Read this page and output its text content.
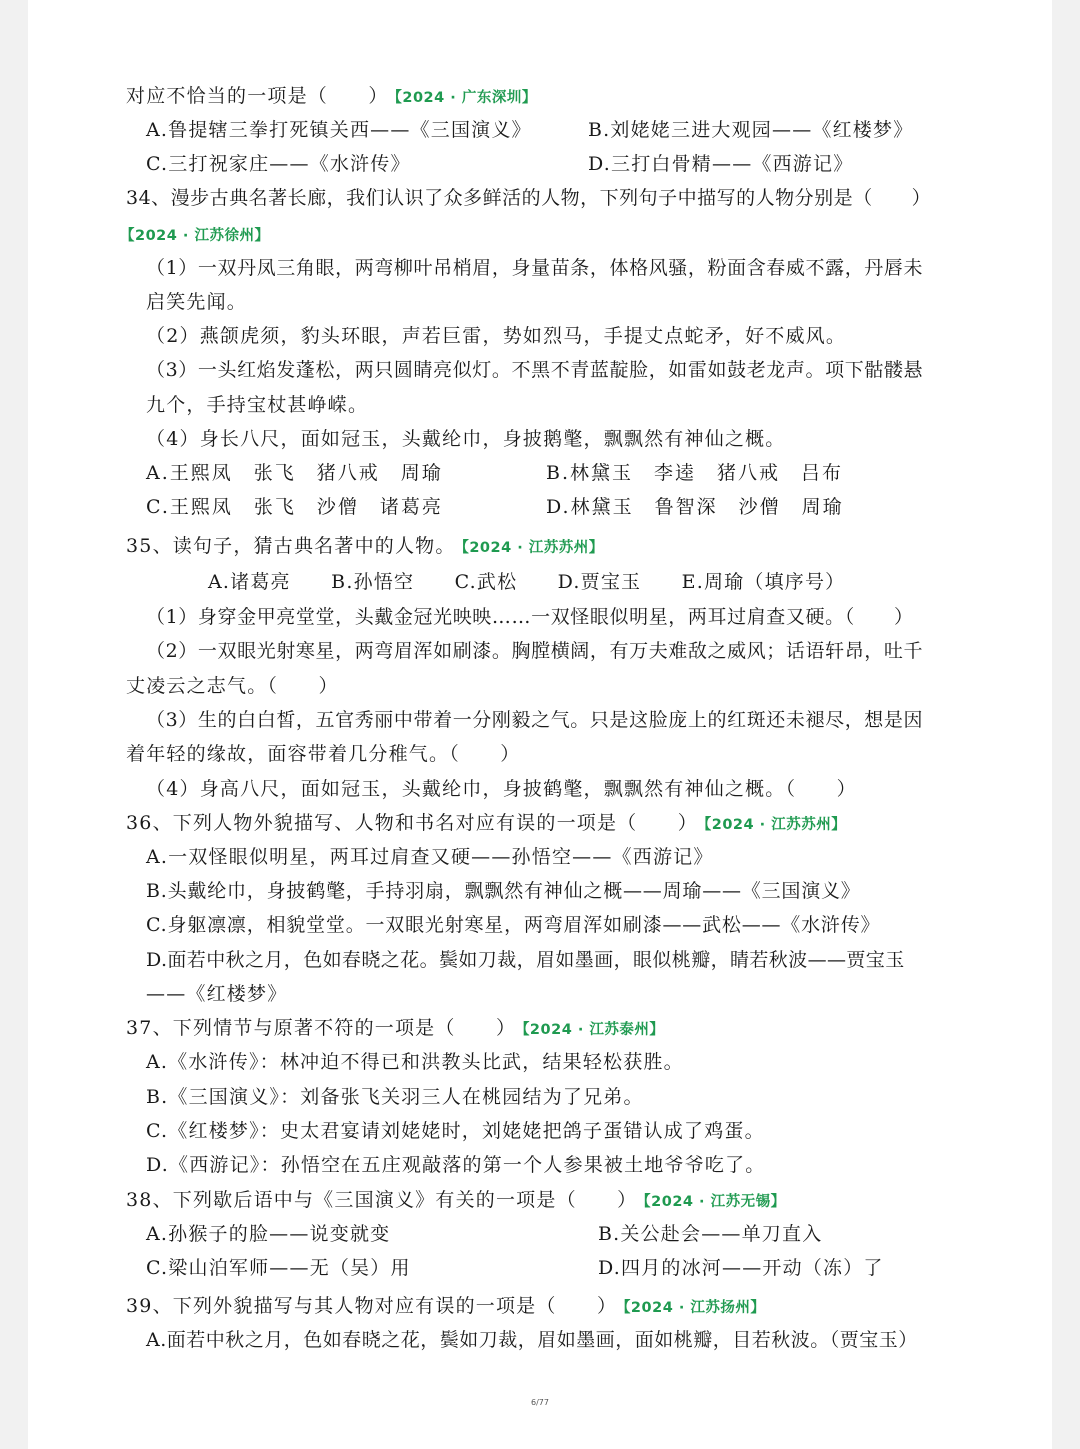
对应不恰当的一项是（　　） 【2024 · 广东深圳】
A.鲁提辖三拳打死镇关西——《三国演义》	B.刘姥姥三进大观园——《红楼梦》
C.三打祝家庄——《水浒传》	D.三打白骨精——《西游记》
34、漫步古典名著长廊，我们认识了众多鲜活的人物，下列句子中描写的人物分别是（　　）
【2024 · 江苏徐州】
（1）一双丹凤三角眼，两弯柳叶吊梢眉，身量苗条，体格风骚，粉面含春威不露，丹唇未
启笑先闻。
（2）燕颌虎须，豹头环眼，声若巨雷，势如烈马，手提丈点蛇矛，好不威风。
（3）一头红焰发蓬松，两只圆睛亮似灯。不黑不青蓝靛脸，如雷如鼓老龙声。项下骷髅悬
九个，手持宝杖甚峥嵘。
（4）身长八尺，面如冠玉，头戴纶巾，身披鹅氅，飘飘然有神仙之概。
A.王熙凤　张飞　猪八戒　周瑜	B.林黛玉　李逵　猪八戒　吕布
C.王熙凤　张飞　沙僧　诸葛亮	D.林黛玉　鲁智深　沙僧　周瑜
35、读句子，猜古典名著中的人物。 【2024 · 江苏苏州】
A.诸葛亮　　B.孙悟空　　C.武松　　D.贾宝玉　　E.周瑜（填序号）
（1）身穿金甲亮堂堂，头戴金冠光映映……一双怪眼似明星，两耳过肩查又硬。（　　）
（2）一双眼光射寒星，两弯眉浑如刷漆。胸膛横阔，有万夫难敌之威风；话语轩昂，吐千
丈凌云之志气。（　　）
（3）生的白白皙，五官秀丽中带着一分刚毅之气。只是这脸庞上的红斑还未褪尽，想是因
着年轻的缘故，面容带着几分稚气。（　　）
（4）身高八尺，面如冠玉，头戴纶巾，身披鹤氅，飘飘然有神仙之概。（　　）
36、下列人物外貌描写、人物和书名对应有误的一项是（　　） 【2024 · 江苏苏州】
A.一双怪眼似明星，两耳过肩查又硬——孙悟空——《西游记》
B.头戴纶巾，身披鹤氅，手持羽扇，飘飘然有神仙之概——周瑜——《三国演义》
C.身躯凛凛，相貌堂堂。一双眼光射寒星，两弯眉浑如刷漆——武松——《水浒传》
D.面若中秋之月，色如春晓之花。鬓如刀裁，眉如墨画，眼似桃瓣，睛若秋波——贾宝玉
——《红楼梦》
37、下列情节与原著不符的一项是（　　） 【2024 · 江苏泰州】
A.《水浒传》：林冲迫不得已和洪教头比武，结果轻松获胜。
B.《三国演义》：刘备张飞关羽三人在桃园结为了兄弟。
C.《红楼梦》：史太君宴请刘姥姥时，刘姥姥把鸽子蛋错认成了鸡蛋。
D.《西游记》：孙悟空在五庄观敲落的第一个人参果被土地爷爷吃了。
38、下列歇后语中与《三国演义》有关的一项是（　　） 【2024 · 江苏无锡】
A.孙猴子的脸——说变就变	B.关公赴会——单刀直入
C.梁山泊军师——无（吴）用	D.四月的冰河——开动（冻）了
39、下列外貌描写与其人物对应有误的一项是（　　） 【2024 · 江苏扬州】
A.面若中秋之月，色如春晓之花，鬓如刀裁，眉如墨画，面如桃瓣，目若秋波。（贾宝玉）
6/77
